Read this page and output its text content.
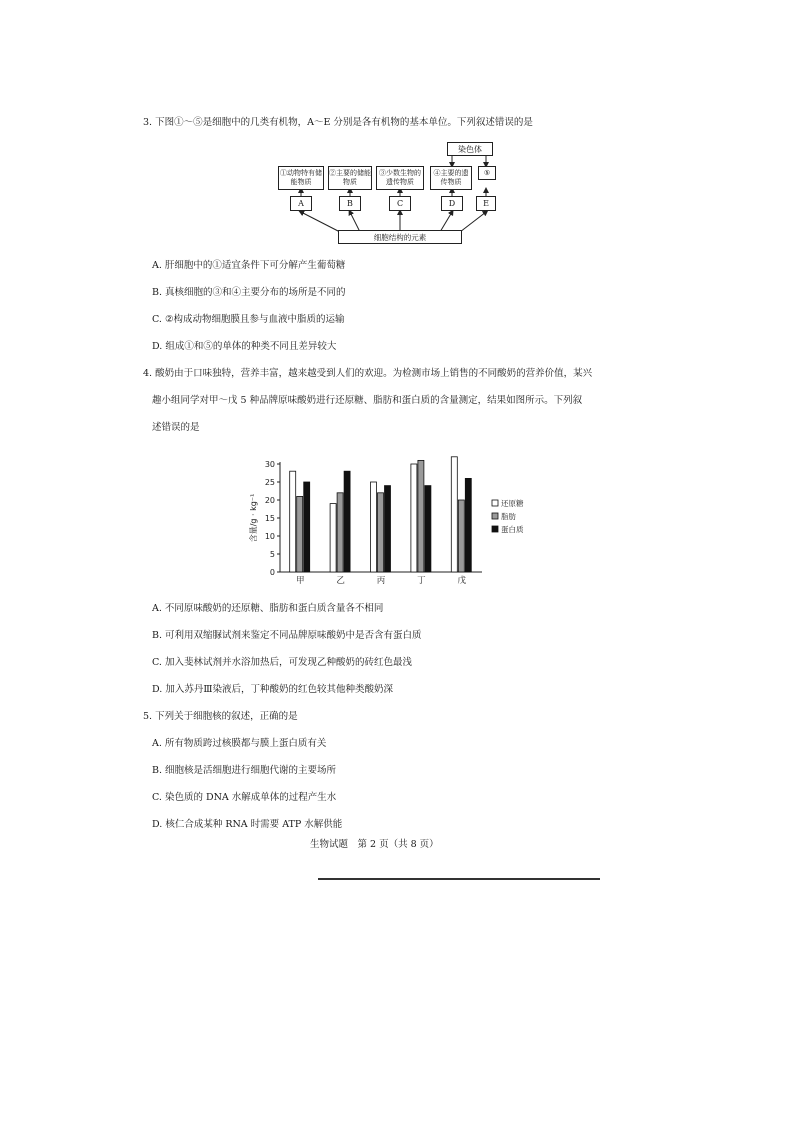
3. 下图①～⑤是细胞中的几类有机物，A～E 分别是各有机物的基本单位。下列叙述错误的是
染色体
①动物特有储能物质
②主要的储能物质
③少数生物的遗传物质
④主要的遗传物质
⑤
A	B	C	D	E
细胞结构的元素
A. 肝细胞中的①适宜条件下可分解产生葡萄糖
B. 真核细胞的③和④主要分布的场所是不同的
C. ②构成动物细胞膜且参与血液中脂质的运输
D. 组成①和⑤的单体的种类不同且差异较大
4. 酸奶由于口味独特，营养丰富，越来越受到人们的欢迎。为检测市场上销售的不同酸奶的营养价值，某兴
趣小组同学对甲～戊 5 种品牌原味酸奶进行还原糖、脂肪和蛋白质的含量测定，结果如图所示。下列叙
述错误的是
0
5
10
15
20
25
30
含量/g · kg⁻¹
甲	乙	丙	丁	戊
还原糖
脂肪
蛋白质
A. 不同原味酸奶的还原糖、脂肪和蛋白质含量各不相同
B. 可利用双缩脲试剂来鉴定不同品牌原味酸奶中是否含有蛋白质
C. 加入斐林试剂并水浴加热后，可发现乙种酸奶的砖红色最浅
D. 加入苏丹Ⅲ染液后，丁种酸奶的红色较其他种类酸奶深
5. 下列关于细胞核的叙述，正确的是
A. 所有物质跨过核膜都与膜上蛋白质有关
B. 细胞核是活细胞进行细胞代谢的主要场所
C. 染色质的 DNA 水解成单体的过程产生水
D. 核仁合成某种 RNA 时需要 ATP 水解供能
生物试题　第 2 页（共 8 页）
